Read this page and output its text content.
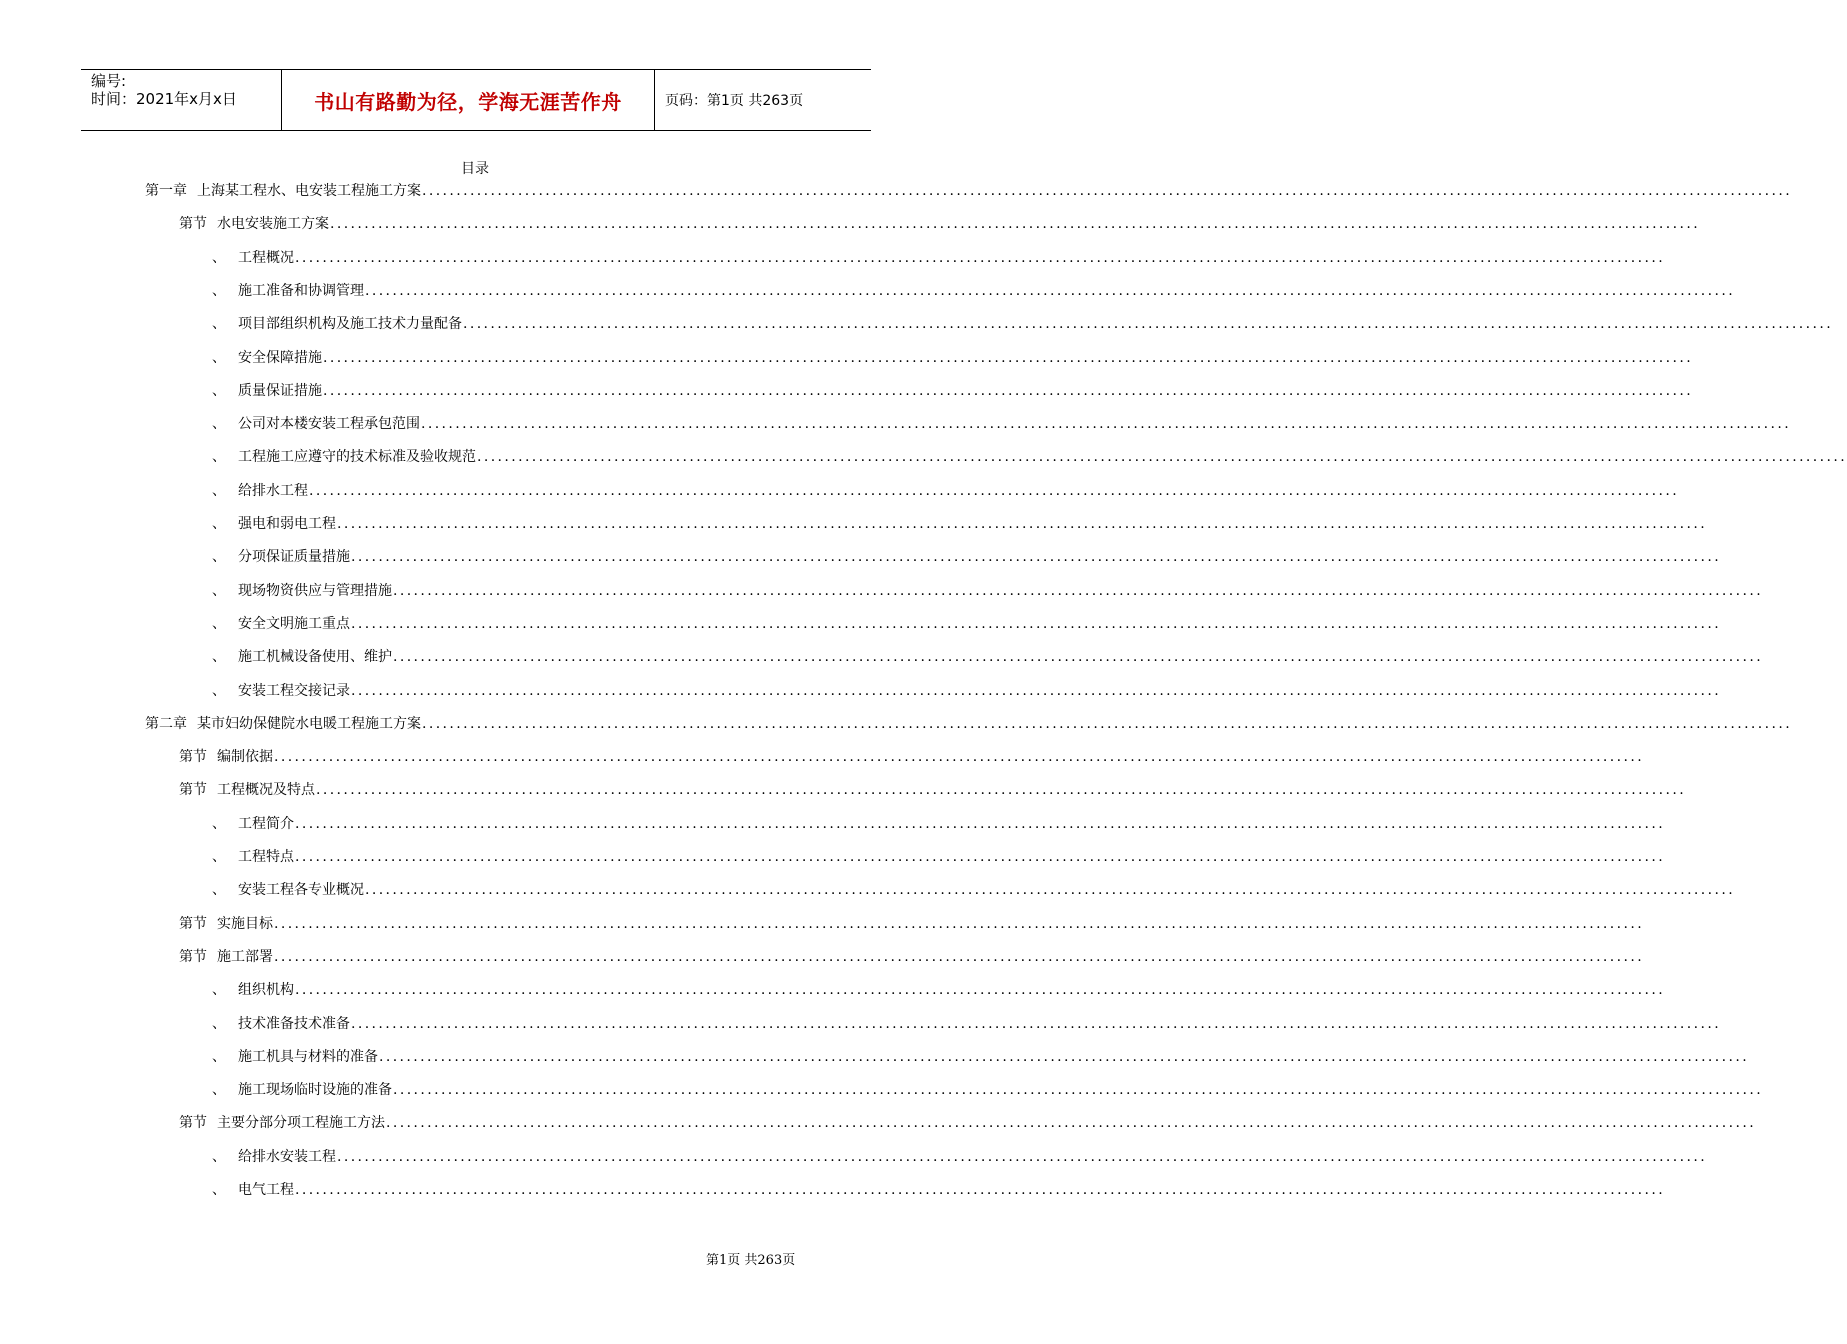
编号:
时间：2021年x月x日	书山有路勤为径，学海无涯苦作舟	页码：第1页 共263页
目录
第一章 上海某工程水、电安装工程施工方案 ........................................................................................................................................................................................................
第节 水电安装施工方案 ........................................................................................................................................................................................................
、 工程概况 ........................................................................................................................................................................................................
、 施工准备和协调管理 ........................................................................................................................................................................................................
、 项目部组织机构及施工技术力量配备 ........................................................................................................................................................................................................
、 安全保障措施 ........................................................................................................................................................................................................
、 质量保证措施 ........................................................................................................................................................................................................
、 公司对本楼安装工程承包范围 ........................................................................................................................................................................................................
、 工程施工应遵守的技术标准及验收规范 ........................................................................................................................................................................................................
、 给排水工程 ........................................................................................................................................................................................................
、 强电和弱电工程 ........................................................................................................................................................................................................
、 分项保证质量措施 ........................................................................................................................................................................................................
、 现场物资供应与管理措施 ........................................................................................................................................................................................................
、 安全文明施工重点 ........................................................................................................................................................................................................
、 施工机械设备使用、维护 ........................................................................................................................................................................................................
、 安装工程交接记录 ........................................................................................................................................................................................................
第二章 某市妇幼保健院水电暖工程施工方案 ........................................................................................................................................................................................................
第节 编制依据 ........................................................................................................................................................................................................
第节 工程概况及特点 ........................................................................................................................................................................................................
、 工程简介 ........................................................................................................................................................................................................
、 工程特点 ........................................................................................................................................................................................................
、 安装工程各专业概况 ........................................................................................................................................................................................................
第节 实施目标 ........................................................................................................................................................................................................
第节 施工部署 ........................................................................................................................................................................................................
、 组织机构 ........................................................................................................................................................................................................
、 技术准备技术准备 ........................................................................................................................................................................................................
、 施工机具与材料的准备 ........................................................................................................................................................................................................
、 施工现场临时设施的准备 ........................................................................................................................................................................................................
第节 主要分部分项工程施工方法 ........................................................................................................................................................................................................
、 给排水安装工程 ........................................................................................................................................................................................................
、 电气工程 ........................................................................................................................................................................................................
第1页 共263页
